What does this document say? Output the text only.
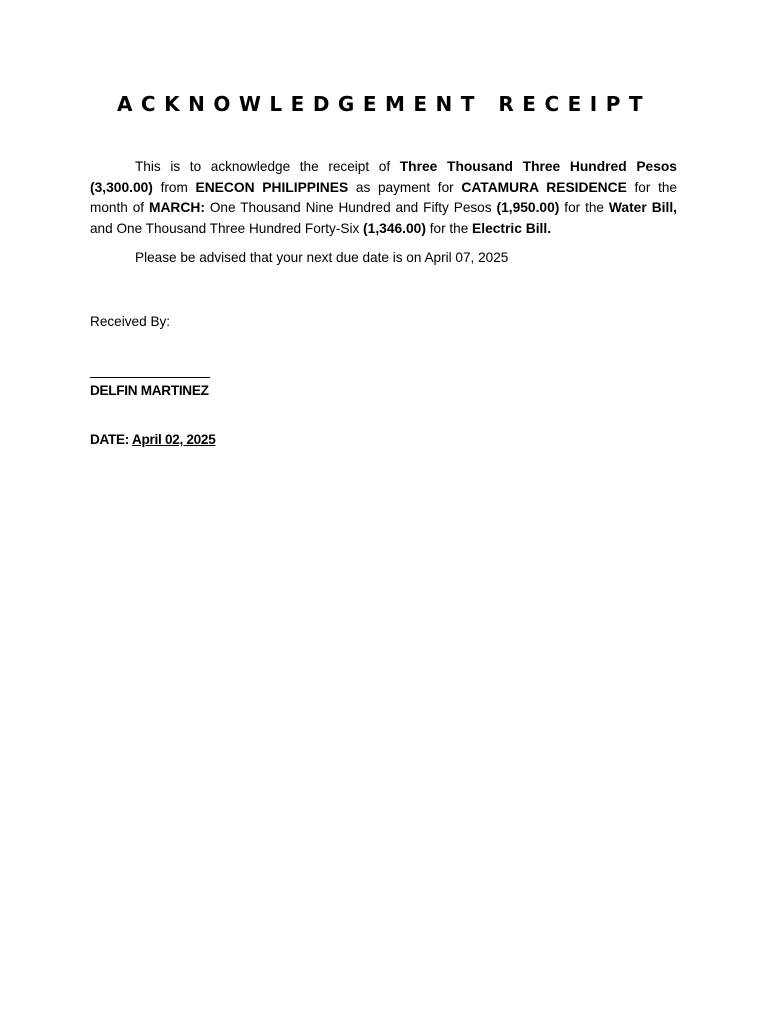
ACKNOWLEDGEMENT RECEIPT

This is to acknowledge the receipt of Three Thousand Three Hundred Pesos (3,300.00) from ENECON PHILIPPINES as payment for CATAMURA RESIDENCE for the month of MARCH: One Thousand Nine Hundred and Fifty Pesos (1,950.00) for the Water Bill, and One Thousand Three Hundred Forty-Six (1,346.00) for the Electric Bill.

Please be advised that your next due date is on April 07, 2025

Received By:
DELFIN MARTINEZ
DATE: April 02, 2025
